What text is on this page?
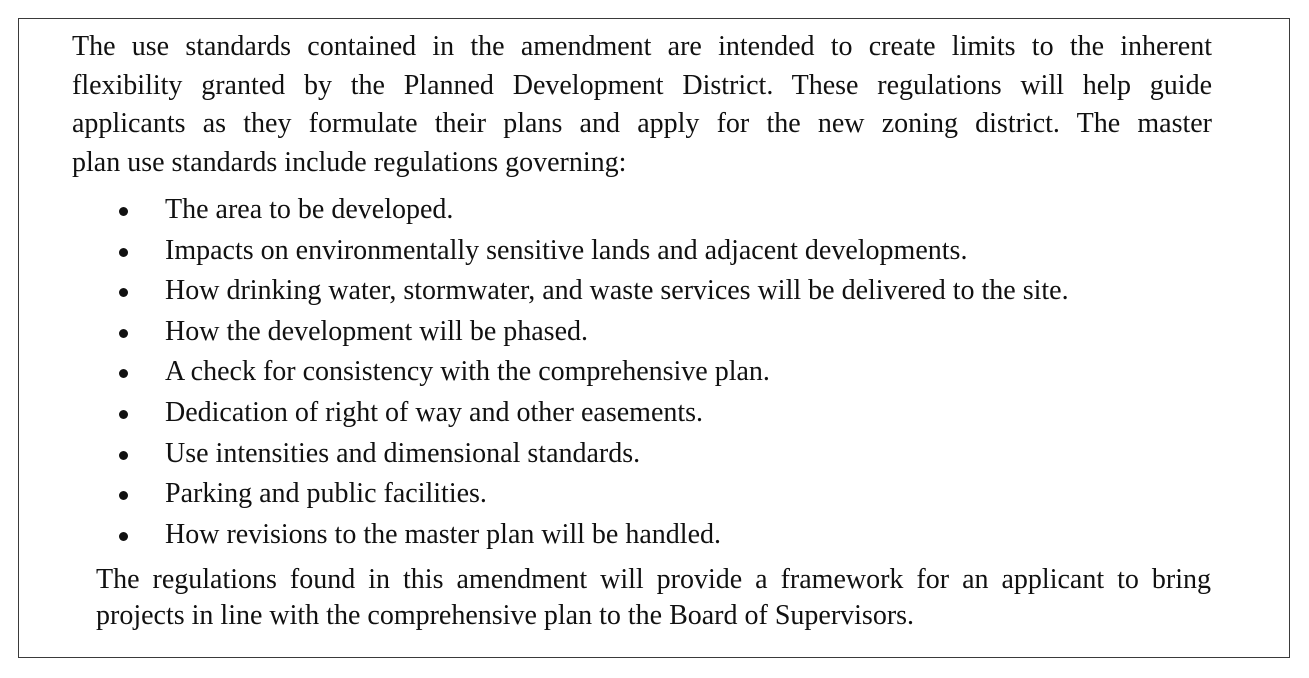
The use standards contained in the amendment are intended to create limits to the inherent
flexibility granted by the Planned Development District. These regulations will help guide
applicants as they formulate their plans and apply for the new zoning district. The master
plan use standards include regulations governing:

The area to be developed.
Impacts on environmentally sensitive lands and adjacent developments.
How drinking water, stormwater, and waste services will be delivered to the site.
How the development will be phased.
A check for consistency with the comprehensive plan.
Dedication of right of way and other easements.
Use intensities and dimensional standards.
Parking and public facilities.
How revisions to the master plan will be handled.

The regulations found in this amendment will provide a framework for an applicant to bring
projects in line with the comprehensive plan to the Board of Supervisors.
